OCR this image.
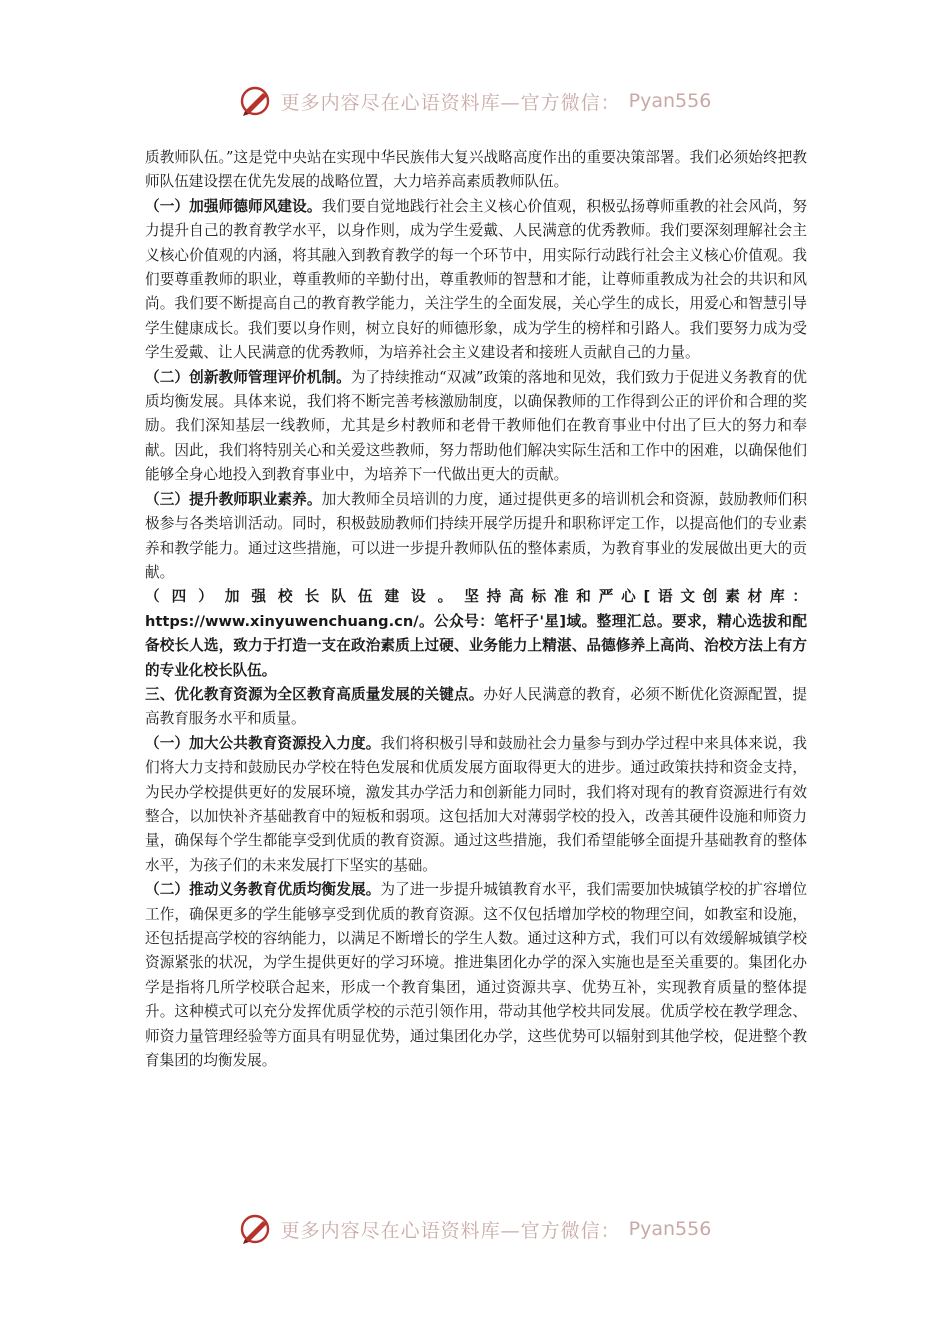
更多内容尽在心语资料库—官方微信： Pyan556

质教师队伍。”这是党中央站在实现中华民族伟大复兴战略高度作出的重要决策部署。我们必须始终把教师队伍建设摆在优先发展的战略位置，大力培养高素质教师队伍。

（一）加强师德师风建设。我们要自觉地践行社会主义核心价值观，积极弘扬尊师重教的社会风尚，努力提升自己的教育教学水平，以身作则，成为学生爱戴、人民满意的优秀教师。我们要深刻理解社会主义核心价值观的内涵，将其融入到教育教学的每一个环节中，用实际行动践行社会主义核心价值观。我们要尊重教师的职业，尊重教师的辛勤付出，尊重教师的智慧和才能，让尊师重教成为社会的共识和风尚。我们要不断提高自己的教育教学能力，关注学生的全面发展，关心学生的成长，用爱心和智慧引导学生健康成长。我们要以身作则，树立良好的师德形象，成为学生的榜样和引路人。我们要努力成为受学生爱戴、让人民满意的优秀教师，为培养社会主义建设者和接班人贡献自己的力量。

（二）创新教师管理评价机制。为了持续推动“双减”政策的落地和见效，我们致力于促进义务教育的优质均衡发展。具体来说，我们将不断完善考核激励制度，以确保教师的工作得到公正的评价和合理的奖励。我们深知基层一线教师，尤其是乡村教师和老骨干教师他们在教育事业中付出了巨大的努力和奉献。因此，我们将特别关心和关爱这些教师，努力帮助他们解决实际生活和工作中的困难，以确保他们能够全身心地投入到教育事业中，为培养下一代做出更大的贡献。

（三）提升教师职业素养。加大教师全员培训的力度，通过提供更多的培训机会和资源，鼓励教师们积极参与各类培训活动。同时，积极鼓励教师们持续开展学历提升和职称评定工作，以提高他们的专业素养和教学能力。通过这些措施，可以进一步提升教师队伍的整体素质，为教育事业的发展做出更大的贡献。

（四）加强校长队伍建设。坚持高标准和严心[语文创素材库：https://www.xinyuwenchuang.cn/。公众号：笔杆子'星]域。整理汇总。要求，精心选拔和配备校长人选，致力于打造一支在政治素质上过硬、业务能力上精湛、品德修养上高尚、治校方法上有方的专业化校长队伍。

三、优化教育资源为全区教育高质量发展的关键点。办好人民满意的教育，必须不断优化资源配置，提高教育服务水平和质量。

（一）加大公共教育资源投入力度。我们将积极引导和鼓励社会力量参与到办学过程中来具体来说，我们将大力支持和鼓励民办学校在特色发展和优质发展方面取得更大的进步。通过政策扶持和资金支持，为民办学校提供更好的发展环境，激发其办学活力和创新能力同时，我们将对现有的教育资源进行有效整合，以加快补齐基础教育中的短板和弱项。这包括加大对薄弱学校的投入，改善其硬件设施和师资力量，确保每个学生都能享受到优质的教育资源。通过这些措施，我们希望能够全面提升基础教育的整体水平，为孩子们的未来发展打下坚实的基础。

（二）推动义务教育优质均衡发展。为了进一步提升城镇教育水平，我们需要加快城镇学校的扩容增位工作，确保更多的学生能够享受到优质的教育资源。这不仅包括增加学校的物理空间，如教室和设施，还包括提高学校的容纳能力，以满足不断增长的学生人数。通过这种方式，我们可以有效缓解城镇学校资源紧张的状况，为学生提供更好的学习环境。推进集团化办学的深入实施也是至关重要的。集团化办学是指将几所学校联合起来，形成一个教育集团，通过资源共享、优势互补，实现教育质量的整体提升。这种模式可以充分发挥优质学校的示范引领作用，带动其他学校共同发展。优质学校在教学理念、师资力量管理经验等方面具有明显优势，通过集团化办学，这些优势可以辐射到其他学校，促进整个教育集团的均衡发展。

更多内容尽在心语资料库—官方微信： Pyan556
